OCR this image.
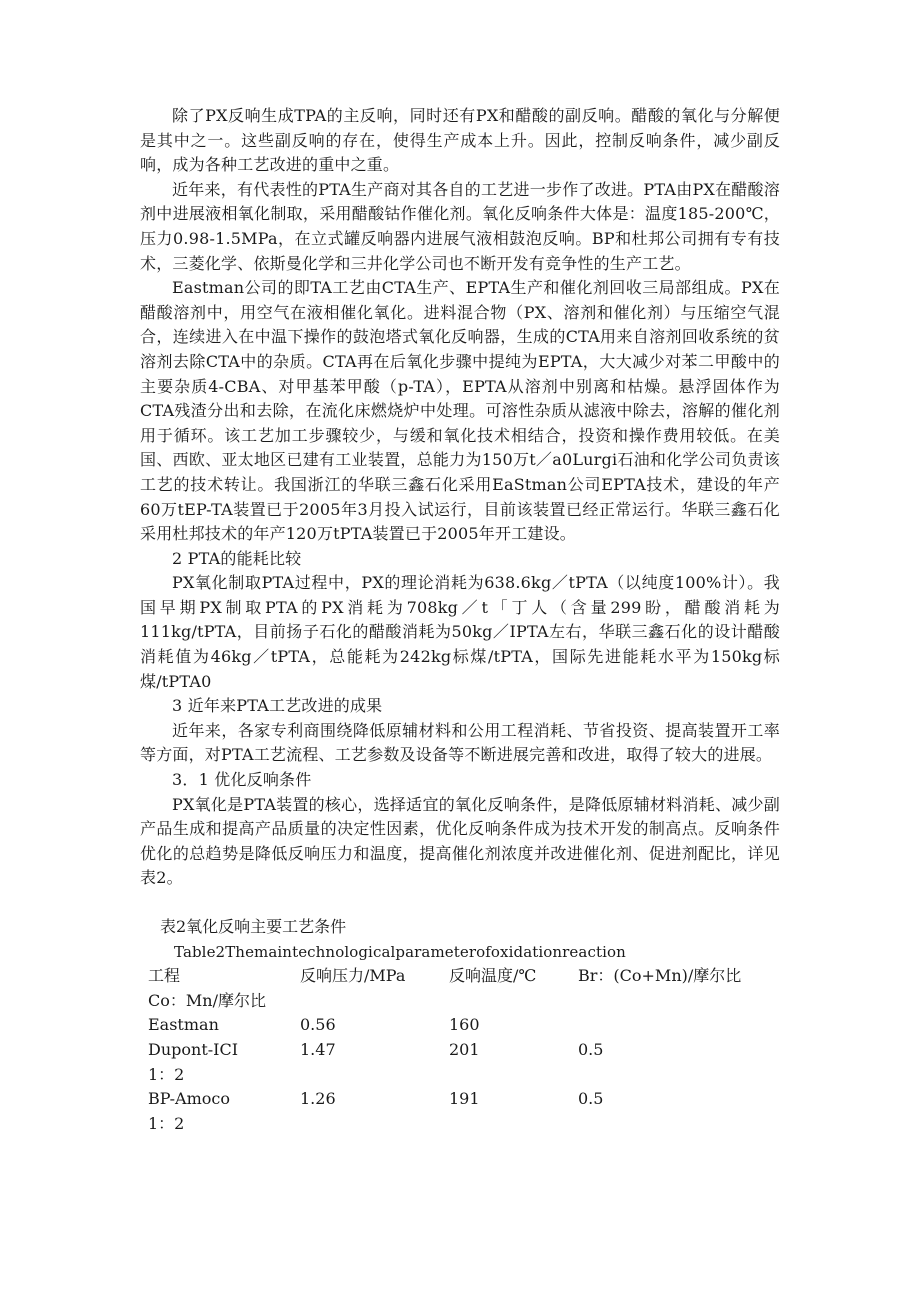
除了PX反响生成TPA的主反响，同时还有PX和醋酸的副反响。醋酸的氧化与分解便是其中之一。这些副反响的存在，使得生产成本上升。因此，控制反响条件，减少副反响，成为各种工艺改进的重中之重。

近年来，有代表性的PTA生产商对其各自的工艺进一步作了改进。PTA由PX在醋酸溶剂中进展液相氧化制取，采用醋酸钴作催化剂。氧化反响条件大体是：温度185-200℃，压力0.98-1.5MPa，在立式罐反响器内进展气液相鼓泡反响。BP和杜邦公司拥有专有技术，三菱化学、依斯曼化学和三井化学公司也不断开发有竞争性的生产工艺。

Eastman公司的即TA工艺由CTA生产、EPTA生产和催化剂回收三局部组成。PX在醋酸溶剂中，用空气在液相催化氧化。进料混合物（PX、溶剂和催化剂）与压缩空气混合，连续进入在中温下操作的鼓泡塔式氧化反响器，生成的CTA用来自溶剂回收系统的贫溶剂去除CTA中的杂质。CTA再在后氧化步骤中提纯为EPTA，大大减少对苯二甲酸中的主要杂质4-CBA、对甲基苯甲酸（p-TA），EPTA从溶剂中别离和枯燥。悬浮固体作为CTA残渣分出和去除，在流化床燃烧炉中处理。可溶性杂质从滤液中除去，溶解的催化剂用于循环。该工艺加工步骤较少，与缓和氧化技术相结合，投资和操作费用较低。在美国、西欧、亚太地区已建有工业装置，总能力为150万t／a0Lurgi石油和化学公司负责该工艺的技术转让。我国浙江的华联三鑫石化采用EaStman公司EPTA技术，建设的年产60万tEP-TA装置已于2005年3月投入试运行，目前该装置已经正常运行。华联三鑫石化采用杜邦技术的年产120万tPTA装置已于2005年开工建设。

2 PTA的能耗比较

PX氧化制取PTA过程中，PX的理论消耗为638.6kg／tPTA（以纯度100%计）。我国早期PX制取PTA的PX消耗为708kg／t「丁人（含量299盼，醋酸消耗为111kg/tPTA，目前扬子石化的醋酸消耗为50kg／IPTA左右，华联三鑫石化的设计醋酸消耗值为46kg／tPTA，总能耗为242kg标煤/tPTA，国际先进能耗水平为150kg标煤/tPTA0

3 近年来PTA工艺改进的成果

近年来，各家专利商围绕降低原辅材料和公用工程消耗、节省投资、提高装置开工率等方面，对PTA工艺流程、工艺参数及设备等不断进展完善和改进，取得了较大的进展。

3．1 优化反响条件

PX氧化是PTA装置的核心，选择适宜的氧化反响条件，是降低原辅材料消耗、减少副产品生成和提高产品质量的决定性因素，优化反响条件成为技术开发的制高点。反响条件优化的总趋势是降低反响压力和温度，提高催化剂浓度并改进催化剂、促进剂配比，详见表2。

表2氧化反响主要工艺条件

Table2Themaintechnologicalparameterofoxidationreaction

工程	反响压力/MPa	反响温度/℃	Br：(Co+Mn)/摩尔比
Co：Mn/摩尔比
Eastman	0.56	160
Dupont-ICI	1.47	201	0.5
1：2
BP-Amoco	1.26	191	0.5
1：2
